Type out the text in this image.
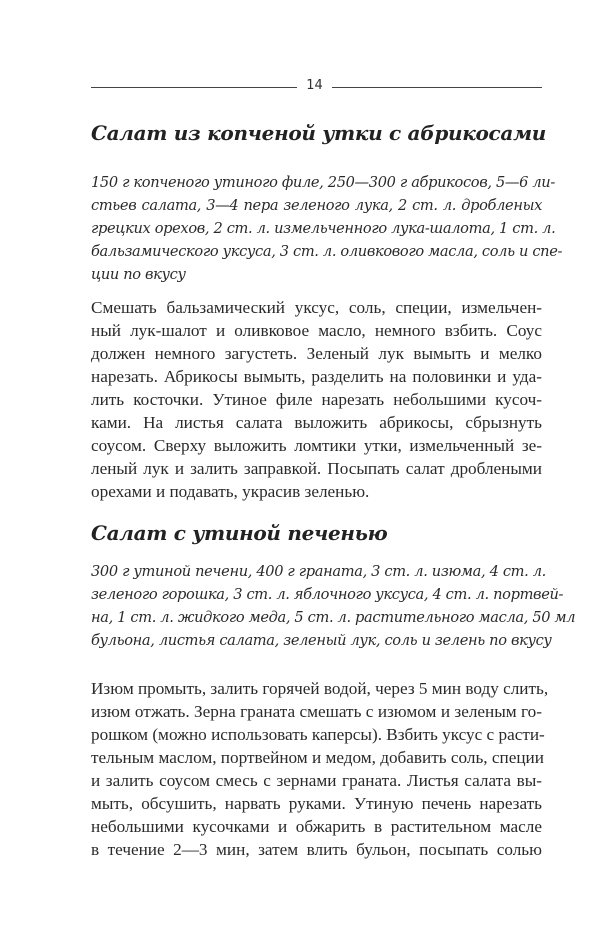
14
Салат из копченой утки с абрикосами
150 г копченого утиного филе, 250—300 г абрикосов, 5—6 ли-
стьев салата, 3—4 пера зеленого лука, 2 ст. л. дробленых
грецких орехов, 2 ст. л. измельченного лука-шалота, 1 ст. л.
бальзамического уксуса, 3 ст. л. оливкового масла, соль и спе-
ции по вкусу
Смешать бальзамический уксус, соль, специи, измельчен-
ный лук-шалот и оливковое масло, немного взбить. Соус
должен немного загустеть. Зеленый лук вымыть и мелко
нарезать. Абрикосы вымыть, разделить на половинки и уда-
лить косточки. Утиное филе нарезать небольшими кусоч-
ками. На листья салата выложить абрикосы, сбрызнуть
соусом. Сверху выложить ломтики утки, измельченный зе-
леный лук и залить заправкой. Посыпать салат дроблеными
орехами и подавать, украсив зеленью.
Салат с утиной печенью
300 г утиной печени, 400 г граната, 3 ст. л. изюма, 4 ст. л.
зеленого горошка, 3 ст. л. яблочного уксуса, 4 ст. л. портвей-
на, 1 ст. л. жидкого меда, 5 ст. л. растительного масла, 50 мл
бульона, листья салата, зеленый лук, соль и зелень по вкусу
Изюм промыть, залить горячей водой, через 5 мин воду слить,
изюм отжать. Зерна граната смешать с изюмом и зеленым го-
рошком (можно использовать каперсы). Взбить уксус с расти-
тельным маслом, портвейном и медом, добавить соль, специи
и залить соусом смесь с зернами граната. Листья салата вы-
мыть, обсушить, нарвать руками. Утиную печень нарезать
небольшими кусочками и обжарить в растительном масле
в течение 2—3 мин, затем влить бульон, посыпать солью
